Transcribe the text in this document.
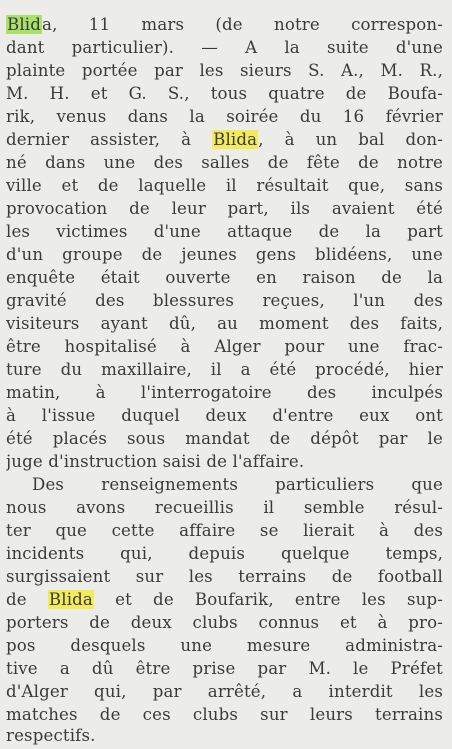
Blida, 11 mars (de notre correspon-
dant particulier). — A la suite d'une
plainte portée par les sieurs S. A., M. R.,
M. H. et G. S., tous quatre de Boufa-
rik, venus dans la soirée du 16 février
dernier assister, à Blida, à un bal don-
né dans une des salles de fête de notre
ville et de laquelle il résultait que, sans
provocation de leur part, ils avaient été
les victimes d'une attaque de la part
d'un groupe de jeunes gens blidéens, une
enquête était ouverte en raison de la
gravité des blessures reçues, l'un des
visiteurs ayant dû, au moment des faits,
être hospitalisé à Alger pour une frac-
ture du maxillaire, il a été procédé, hier
matin, à l'interrogatoire des inculpés
à l'issue duquel deux d'entre eux ont
été placés sous mandat de dépôt par le
juge d'instruction saisi de l'affaire.
Des renseignements particuliers que
nous avons recueillis il semble résul-
ter que cette affaire se lierait à des
incidents qui, depuis quelque temps,
surgissaient sur les terrains de football
de Blida et de Boufarik, entre les sup-
porters de deux clubs connus et à pro-
pos desquels une mesure administra-
tive a dû être prise par M. le Préfet
d'Alger qui, par arrêté, a interdit les
matches de ces clubs sur leurs terrains
respectifs.
